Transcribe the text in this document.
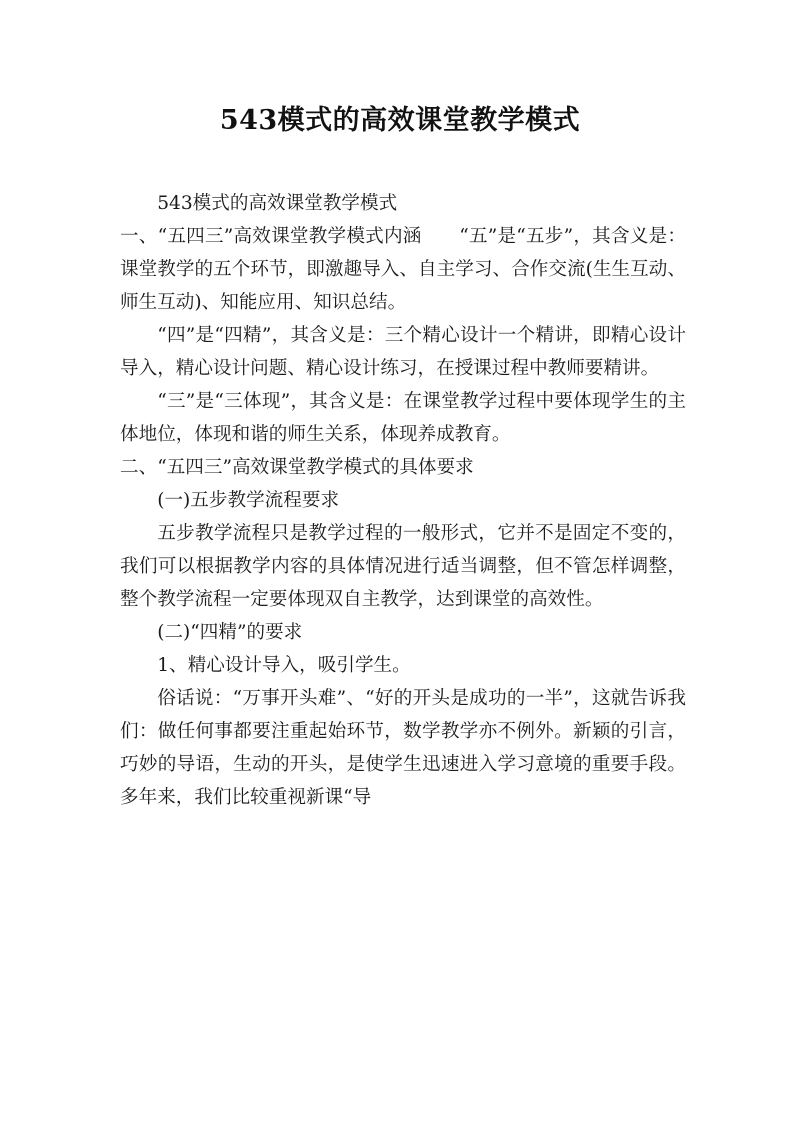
543模式的高效课堂教学模式

543模式的高效课堂教学模式

一、“五四三”高效课堂教学模式内涵　　“五”是“五步”，其含义是：课堂教学的五个环节，即激趣导入、自主学习、合作交流(生生互动、师生互动)、知能应用、知识总结。

“四”是“四精”，其含义是：三个精心设计一个精讲，即精心设计导入，精心设计问题、精心设计练习，在授课过程中教师要精讲。

“三”是“三体现”，其含义是：在课堂教学过程中要体现学生的主体地位，体现和谐的师生关系，体现养成教育。

二、“五四三”高效课堂教学模式的具体要求

(一)五步教学流程要求

五步教学流程只是教学过程的一般形式，它并不是固定不变的，我们可以根据教学内容的具体情况进行适当调整，但不管怎样调整，整个教学流程一定要体现双自主教学，达到课堂的高效性。

(二)“四精”的要求

1、精心设计导入，吸引学生。

俗话说：“万事开头难”、“好的开头是成功的一半”，这就告诉我们：做任何事都要注重起始环节，数学教学亦不例外。新颖的引言，巧妙的导语，生动的开头，是使学生迅速进入学习意境的重要手段。多年来，我们比较重视新课“导
